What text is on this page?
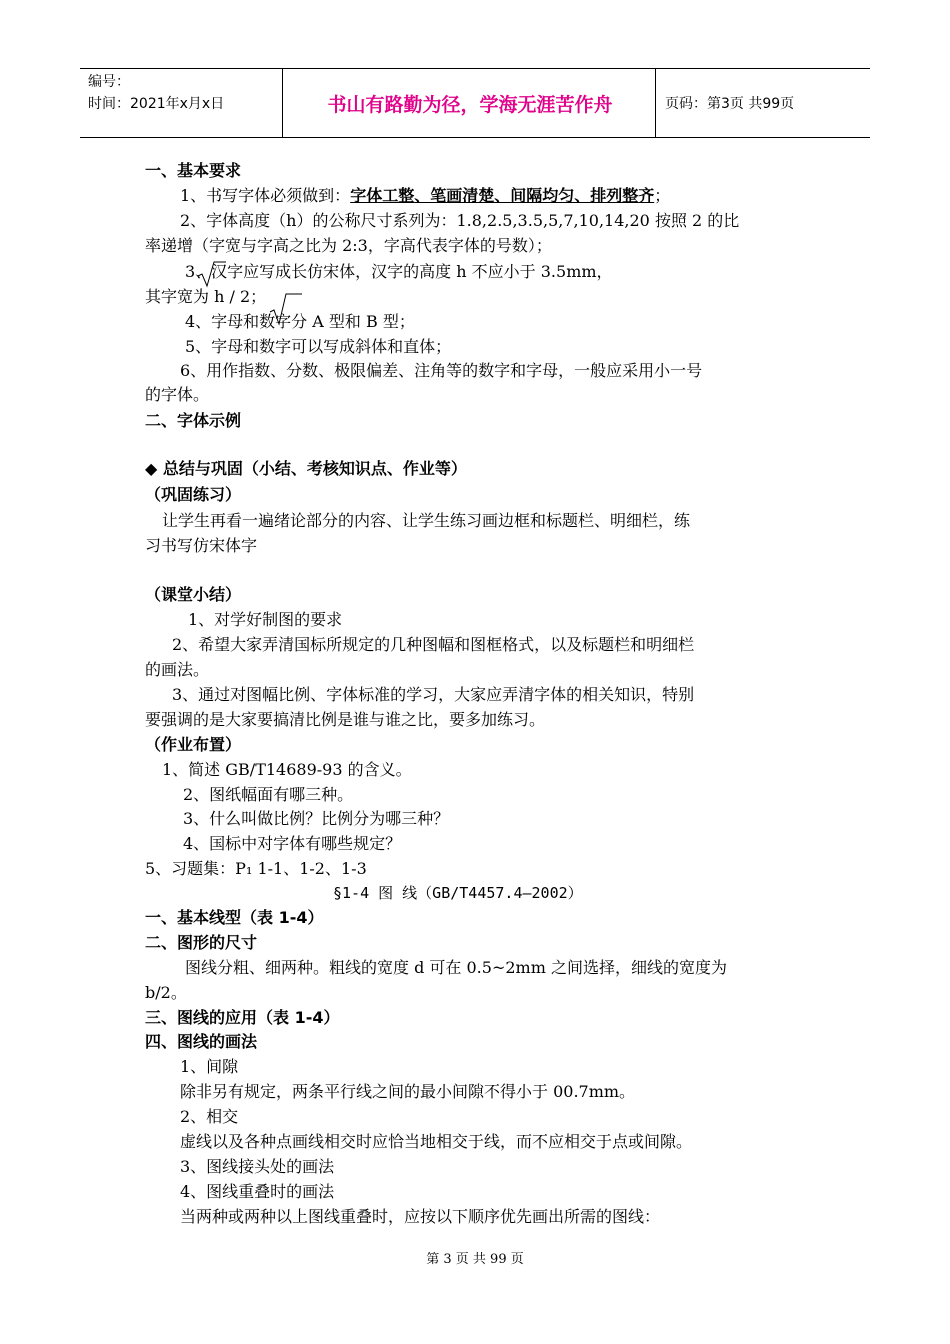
编号：
时间：2021年x月x日	书山有路勤为径，学海无涯苦作舟	页码：第3页 共99页
一、基本要求
1、书写字体必须做到：字体工整、笔画清楚、间隔均匀、排列整齐；
2、字体高度（h）的公称尺寸系列为：1.8,2.5,3.5,5,7,10,14,20 按照 2 的比
率递增（字宽与字高之比为 2:3，字高代表字体的号数）；
3、汉字应写成长仿宋体，汉字的高度 h 不应小于 3.5mm，
其字宽为 h / 2；
4、字母和数字分 A 型和 B 型；
5、字母和数字可以写成斜体和直体；
6、用作指数、分数、极限偏差、注角等的数字和字母，一般应采用小一号
的字体。
二、字体示例
◆ 总结与巩固（小结、考核知识点、作业等）
（巩固练习）
让学生再看一遍绪论部分的内容、让学生练习画边框和标题栏、明细栏，练
习书写仿宋体字
（课堂小结）
1、对学好制图的要求
2、希望大家弄清国标所规定的几种图幅和图框格式，以及标题栏和明细栏
的画法。
3、通过对图幅比例、字体标准的学习，大家应弄清字体的相关知识，特别
要强调的是大家要搞清比例是谁与谁之比，要多加练习。
（作业布置）
1、简述 GB/T14689-93 的含义。
2、图纸幅面有哪三种。
3、什么叫做比例？比例分为哪三种？
4、国标中对字体有哪些规定？
5、习题集：P₁ 1-1、1-2、1-3
§1-4 图 线（GB/T4457.4—2002）
一、基本线型（表 1-4）
二、图形的尺寸
图线分粗、细两种。粗线的宽度 d 可在 0.5~2mm 之间选择，细线的宽度为
b/2。
三、图线的应用（表 1-4）
四、图线的画法
1、间隙
除非另有规定，两条平行线之间的最小间隙不得小于 00.7mm。
2、相交
虚线以及各种点画线相交时应恰当地相交于线，而不应相交于点或间隙。
3、图线接头处的画法
4、图线重叠时的画法
当两种或两种以上图线重叠时，应按以下顺序优先画出所需的图线：
第 3 页 共 99 页
